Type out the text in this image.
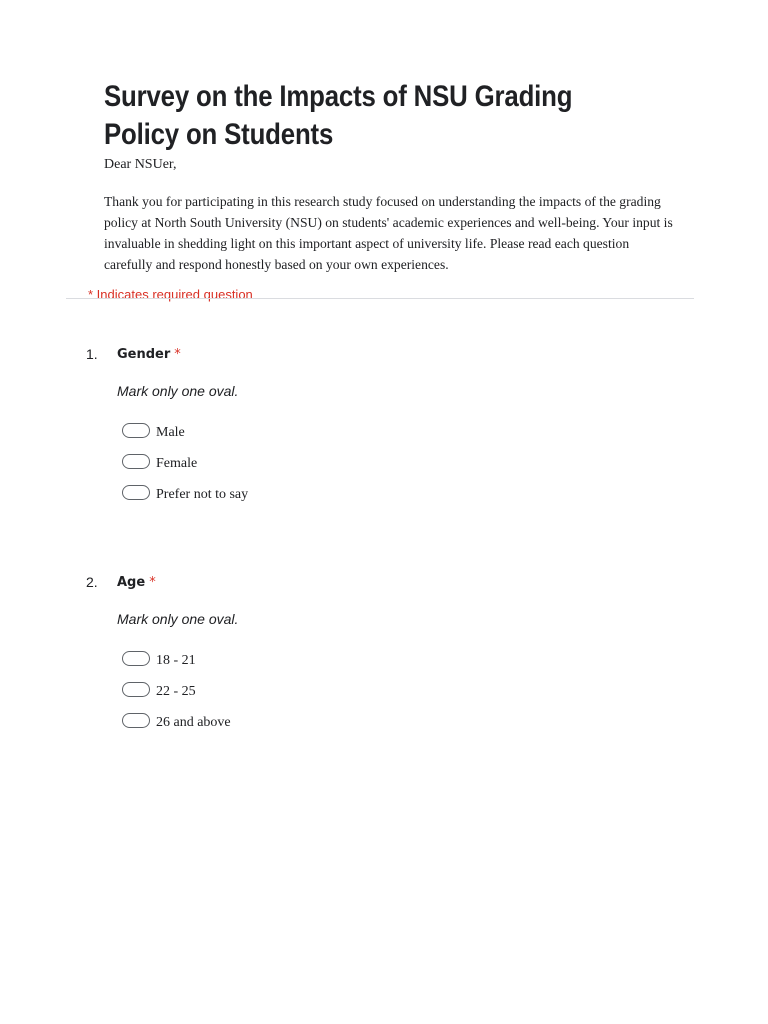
Survey on the Impacts of NSU Grading Policy on Students

Dear NSUer,

Thank you for participating in this research study focused on understanding the impacts of the grading policy at North South University (NSU) on students' academic experiences and well-being. Your input is invaluable in shedding light on this important aspect of university life. Please read each question carefully and respond honestly based on your own experiences.

* Indicates required question

1. Gender *
Mark only one oval.
Male
Female
Prefer not to say
2. Age *
Mark only one oval.
18 - 21
22 - 25
26 and above
